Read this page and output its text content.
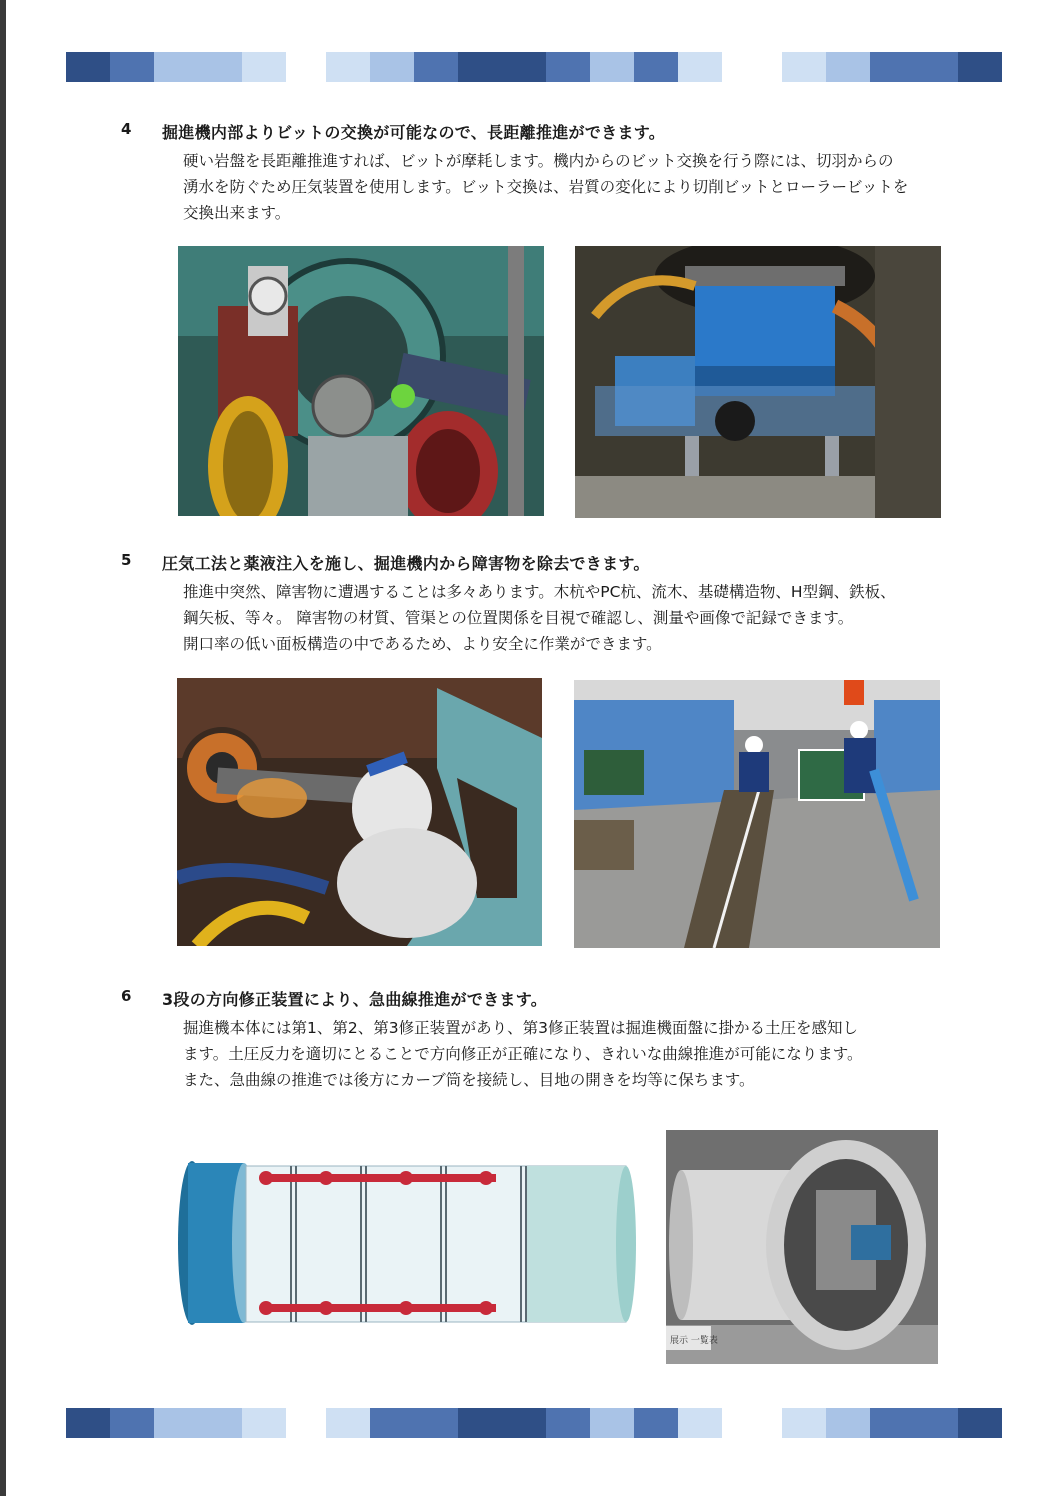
4 掘進機内部よりビットの交換が可能なので、長距離推進ができます。

硬い岩盤を長距離推進すれば、ビットが摩耗します。機内からのビット交換を行う際には、切羽からの

湧水を防ぐため圧気装置を使用します。ビット交換は、岩質の変化により切削ビットとローラービットを

交換出来ます。

5 圧気工法と薬液注入を施し、掘進機内から障害物を除去できます。

推進中突然、障害物に遭遇することは多々あります。木杭やPC杭、流木、基礎構造物、H型鋼、鉄板、

鋼矢板、等々。 障害物の材質、管渠との位置関係を目視で確認し、測量や画像で記録できます。

開口率の低い面板構造の中であるため、より安全に作業ができます。

6 3段の方向修正装置により、急曲線推進ができます。

掘進機本体には第1、第2、第3修正装置があり、第3修正装置は掘進機面盤に掛かる土圧を感知し

ます。土圧反力を適切にとることで方向修正が正確になり、きれいな曲線推進が可能になります。

また、急曲線の推進では後方にカーブ筒を接続し、目地の開きを均等に保ちます。

展示 一覧表
